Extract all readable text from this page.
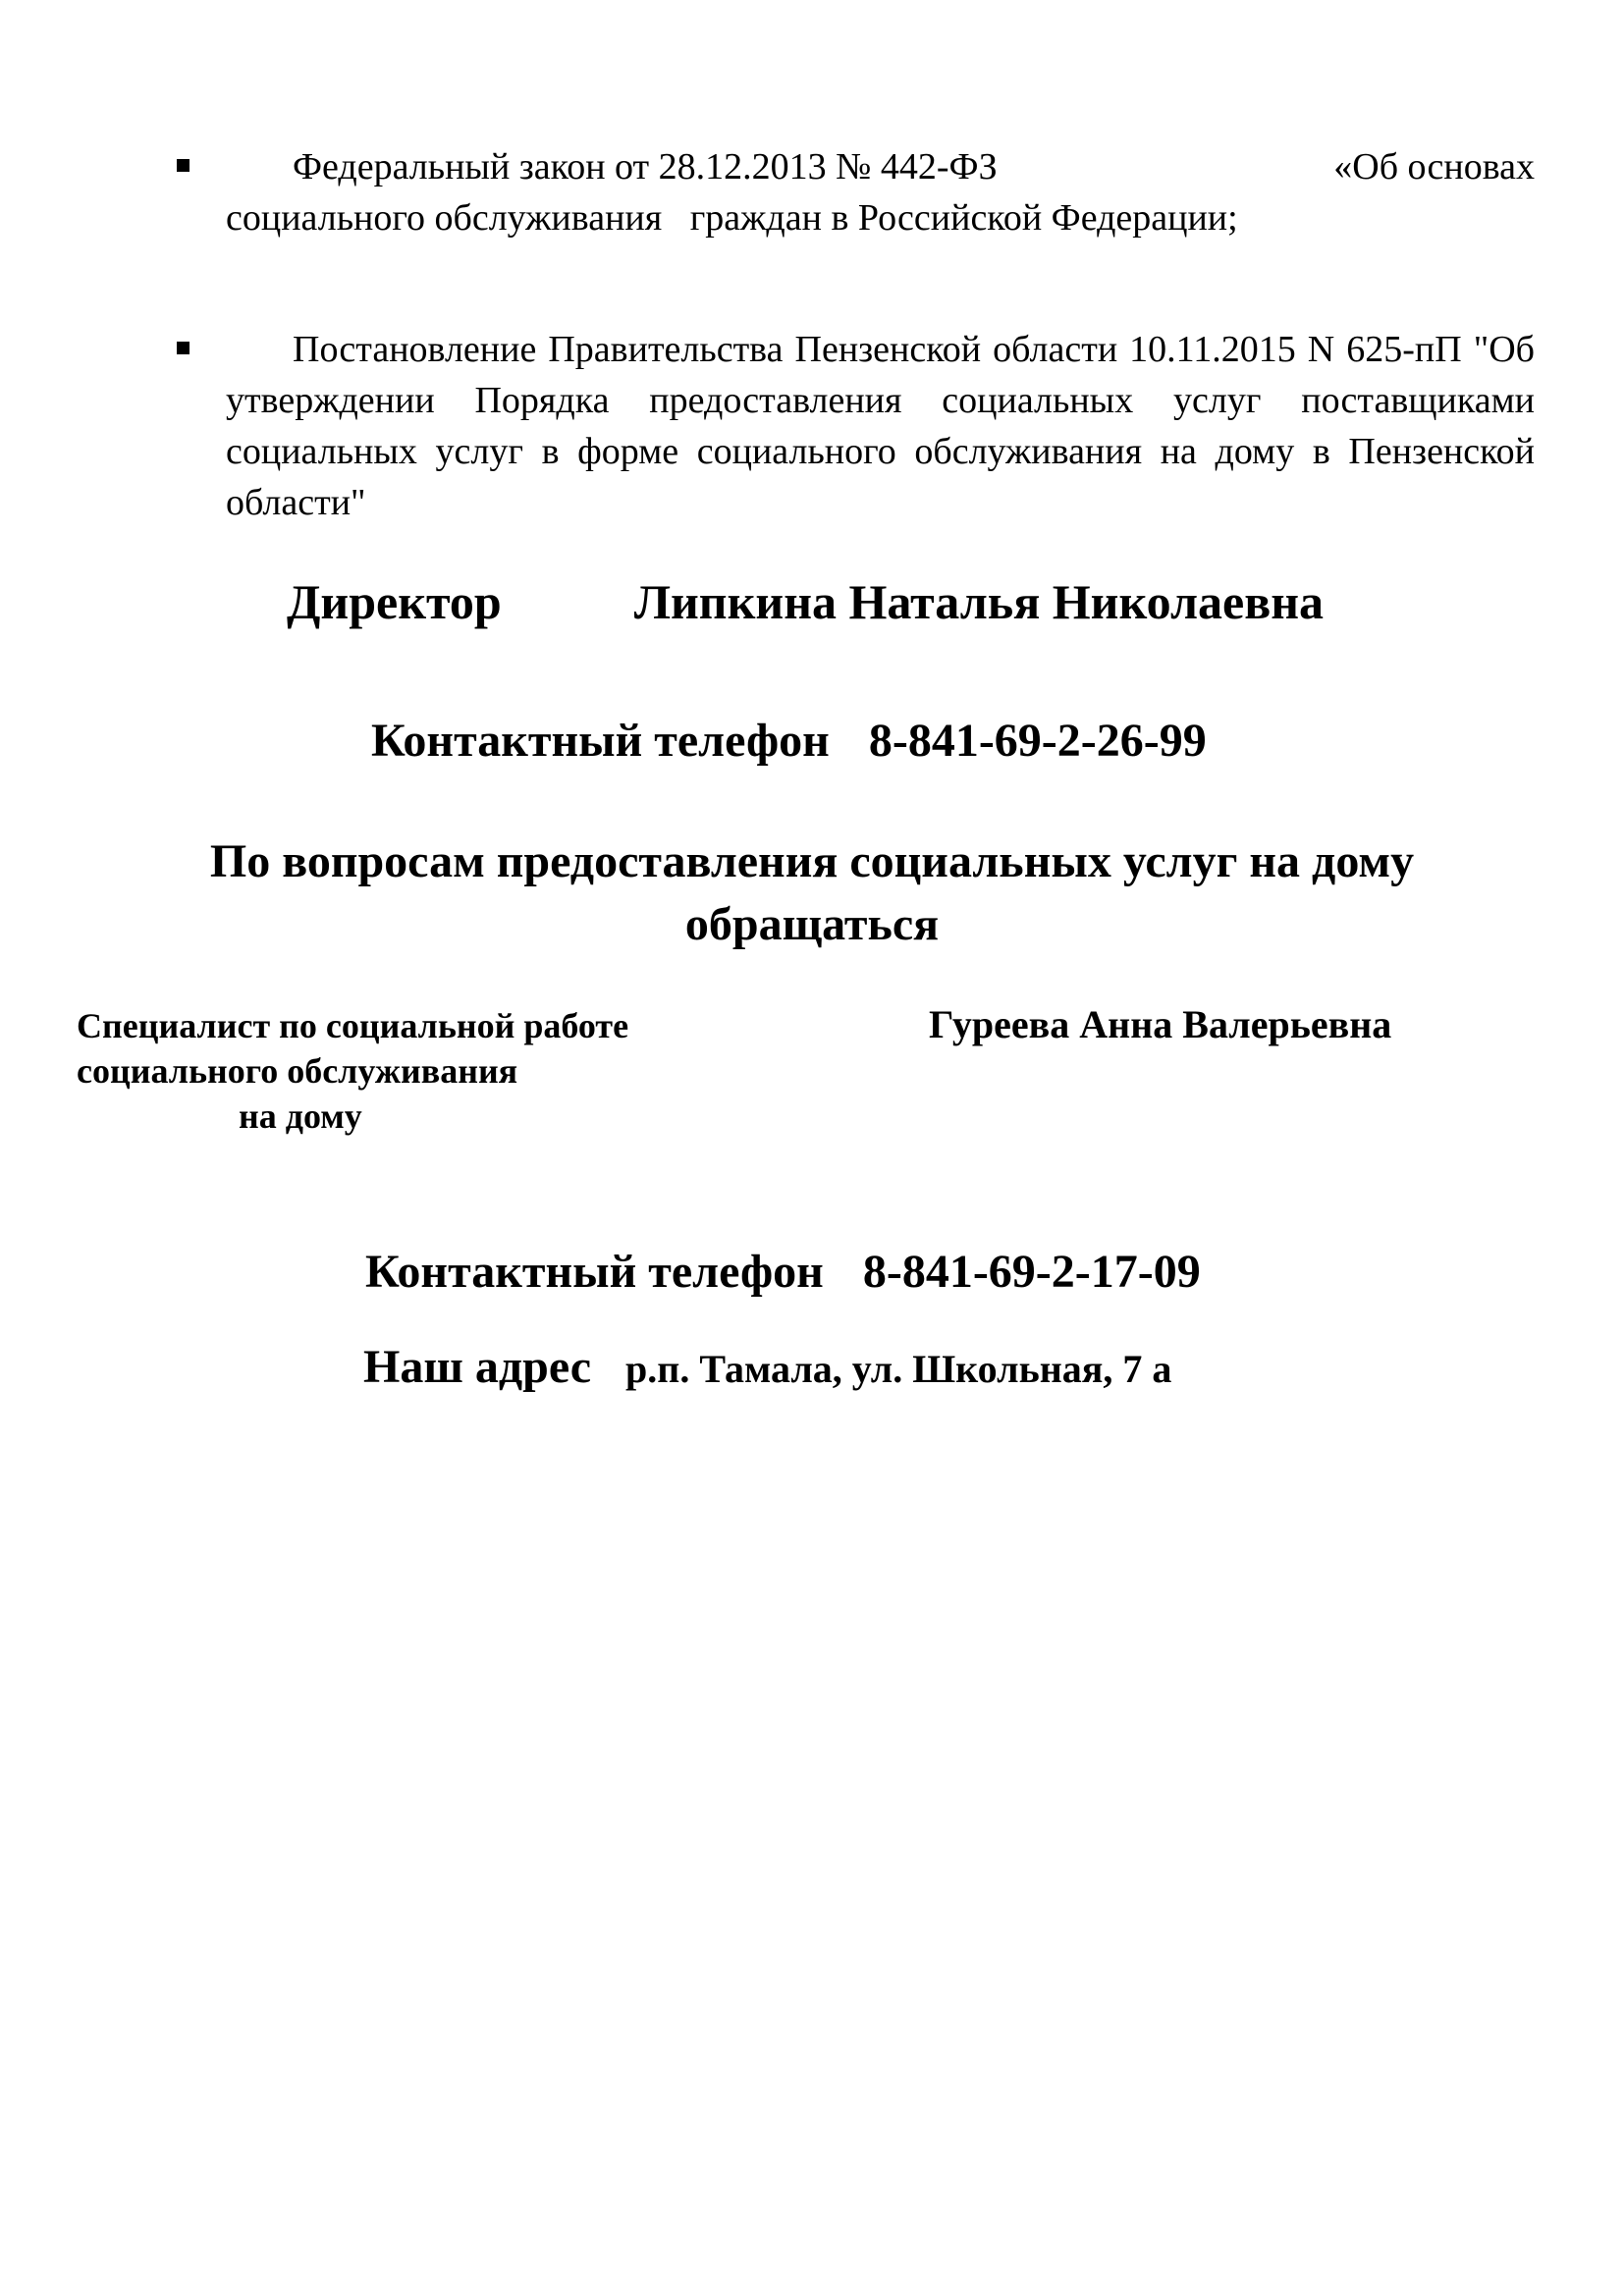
Федеральный закон от 28.12.2013 № 442-ФЗ	«Об основах
социального обслуживания   граждан в Российской Федерации;
Постановление Правительства Пензенской области 10.11.2015 N 625-пП "Об утверждении Порядка предоставления социальных услуг поставщиками социальных услуг в форме социального обслуживания на дому в Пензенской области"
Директор	Липкина Наталья Николаевна
Контактный телефон 8-841-69-2-26-99
По вопросам предоставления социальных услуг на дому обращаться
Специалист по социальной работе
социального обслуживания
на дому
Гуреева Анна Валерьевна
Контактный телефон 8-841-69-2-17-09
Наш адрес р.п. Тамала, ул. Школьная, 7 а
